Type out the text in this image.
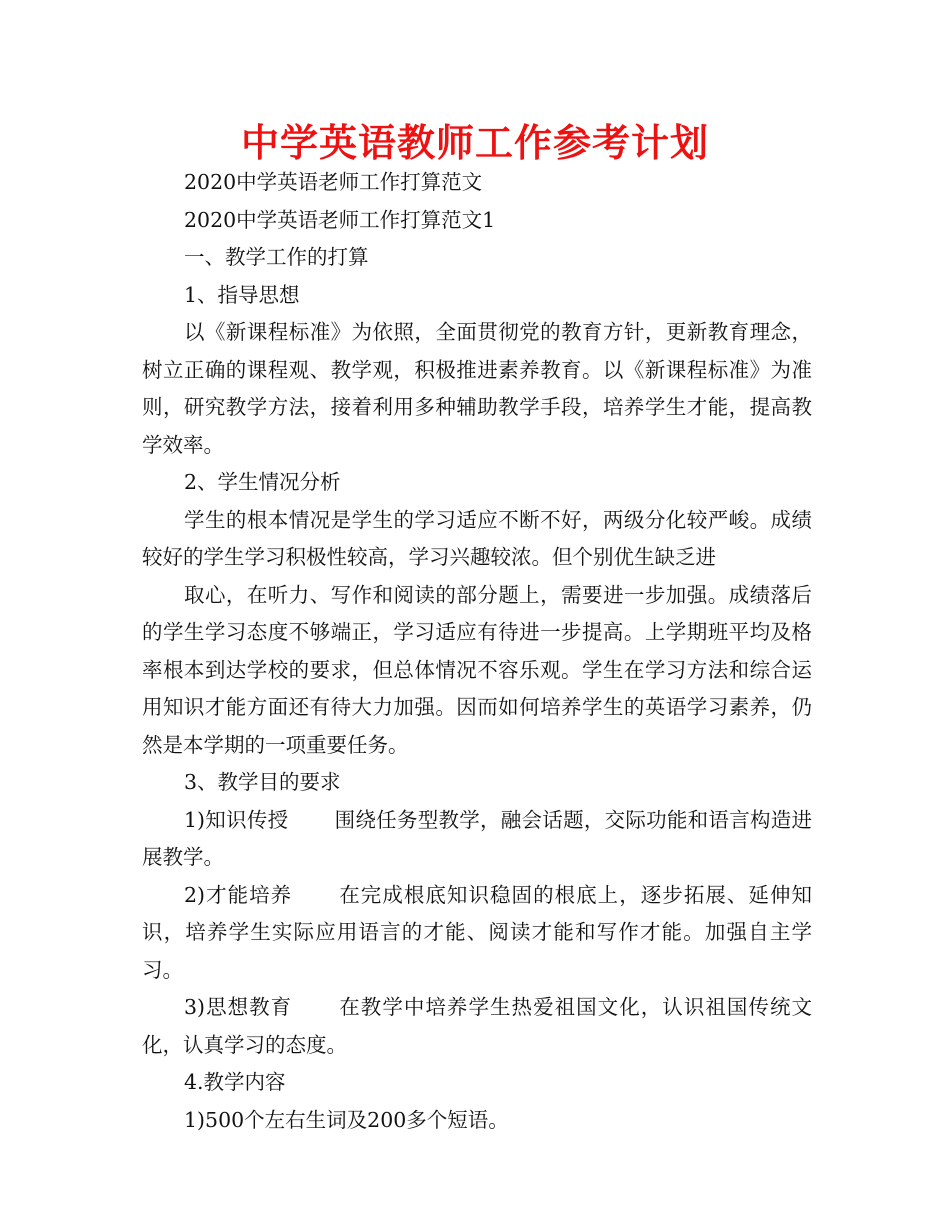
中学英语教师工作参考计划

2020中学英语老师工作打算范文

2020中学英语老师工作打算范文1

一、教学工作的打算

1、指导思想

以《新课程标准》为依照，全面贯彻党的教育方针，更新教育理念，树立正确的课程观、教学观，积极推进素养教育。以《新课程标准》为准则，研究教学方法，接着利用多种辅助教学手段，培养学生才能，提高教学效率。

2、学生情况分析

学生的根本情况是学生的学习适应不断不好，两级分化较严峻。成绩较好的学生学习积极性较高，学习兴趣较浓。但个别优生缺乏进

取心，在听力、写作和阅读的部分题上，需要进一步加强。成绩落后的学生学习态度不够端正，学习适应有待进一步提高。上学期班平均及格率根本到达学校的要求，但总体情况不容乐观。学生在学习方法和综合运用知识才能方面还有待大力加强。因而如何培养学生的英语学习素养，仍然是本学期的一项重要任务。

3、教学目的要求

1)知识传授 围绕任务型教学，融会话题，交际功能和语言构造进展教学。

2)才能培养 在完成根底知识稳固的根底上，逐步拓展、延伸知识，培养学生实际应用语言的才能、阅读才能和写作才能。加强自主学习。

3)思想教育 在教学中培养学生热爱祖国文化，认识祖国传统文化，认真学习的态度。

4.教学内容

1)500个左右生词及200多个短语。
